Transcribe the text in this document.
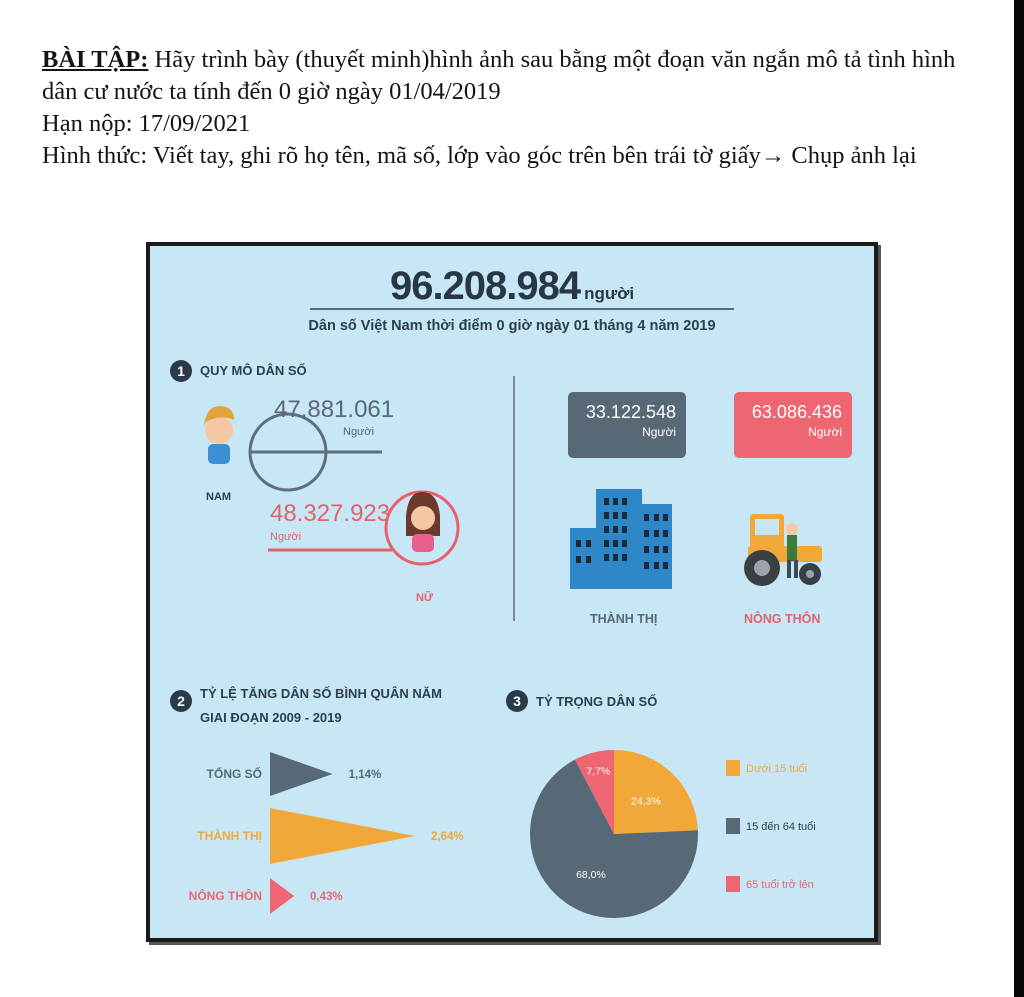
BÀI TẬP: Hãy trình bày (thuyết minh)hình ảnh sau bằng một đoạn văn ngắn mô tả tình hình dân cư nước ta tính đến 0 giờ ngày 01/04/2019

Hạn nộp: 17/09/2021

Hình thức: Viết tay, ghi rõ họ tên, mã số, lớp vào góc trên bên trái tờ giấy→ Chụp ảnh lại

96.208.984 người
Dân số Việt Nam thời điểm 0 giờ ngày 01 tháng 4 năm 2019
1	QUY MÔ DÂN SỐ
47.881.061
Người
NAM
48.327.923
Người
NỮ
33.122.548
Người
63.086.436
Người
THÀNH THỊ	NÔNG THÔN
2	TỶ LỆ TĂNG DÂN SỐ BÌNH QUÂN NĂM
GIAI ĐOẠN 2009 - 2019
TỔNG SỐ	1,14%
THÀNH THỊ	2,64%
NÔNG THÔN	0,43%
3	TỶ TRỌNG DÂN SỐ
24,3%
68,0%
7,7%	Dưới 15 tuổi
15 đến 64 tuổi
65 tuổi trở lên
